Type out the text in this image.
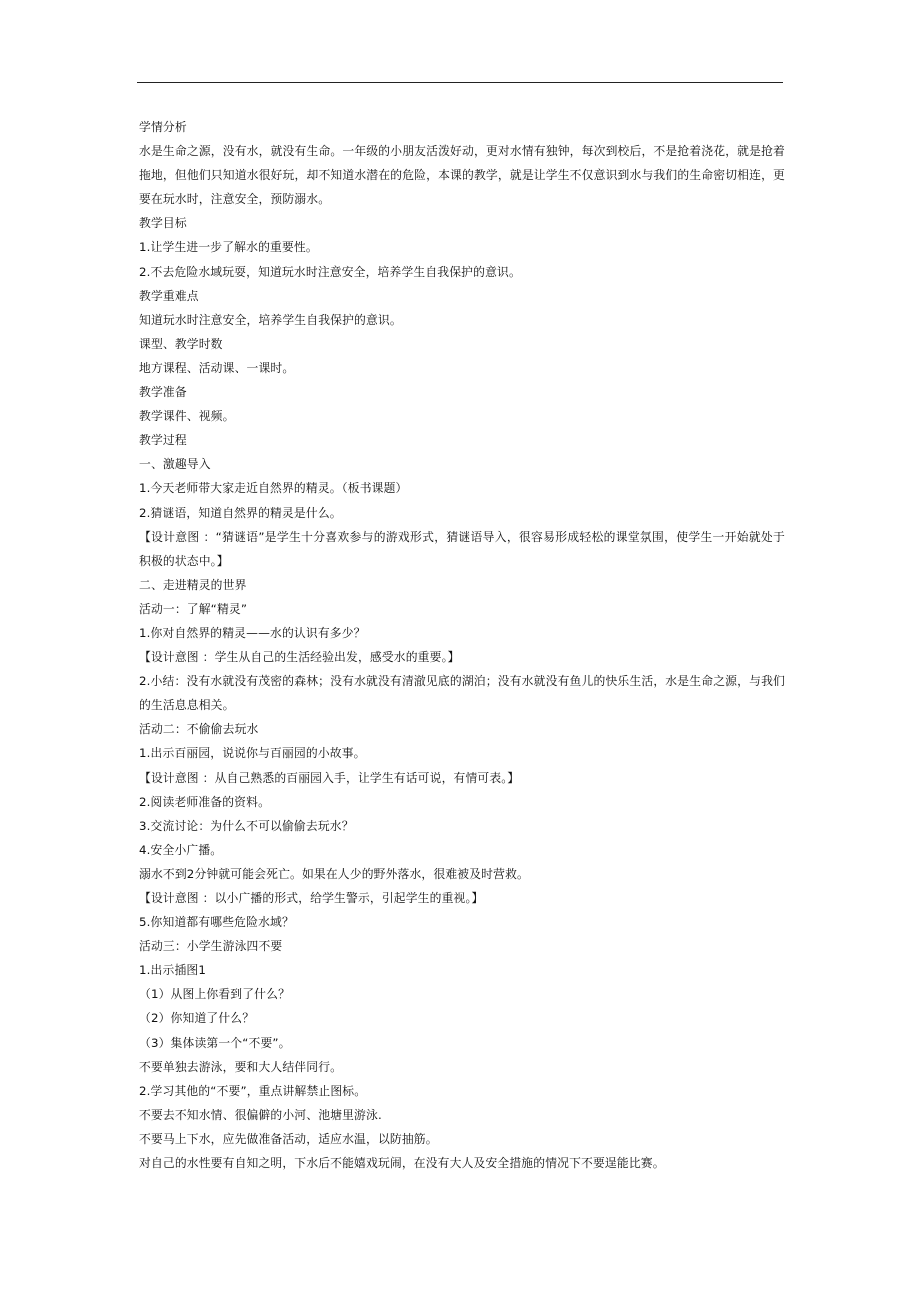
学情分析
水是生命之源，没有水，就没有生命。一年级的小朋友活泼好动，更对水情有独钟，每次到校后，不是抢着浇花，就是抢着拖地，但他们只知道水很好玩，却不知道水潜在的危险，本课的教学，就是让学生不仅意识到水与我们的生命密切相连，更要在玩水时，注意安全，预防溺水。
教学目标
1.让学生进一步了解水的重要性。
2.不去危险水域玩耍，知道玩水时注意安全，培养学生自我保护的意识。
教学重难点
知道玩水时注意安全，培养学生自我保护的意识。
课型、教学时数
地方课程、活动课、一课时。
教学准备
教学课件、视频。
教学过程
一、激趣导入
1.今天老师带大家走近自然界的精灵。（板书课题）
2.猜谜语，知道自然界的精灵是什么。
【设计意图 ：“猜谜语”是学生十分喜欢参与的游戏形式，猜谜语导入，很容易形成轻松的课堂氛围，使学生一开始就处于积极的状态中。】
二、走进精灵的世界
活动一：了解“精灵”
1.你对自然界的精灵——水的认识有多少？
【设计意图 ：学生从自己的生活经验出发，感受水的重要。】
2.小结：没有水就没有茂密的森林；没有水就没有清澈见底的湖泊；没有水就没有鱼儿的快乐生活，水是生命之源，与我们的生活息息相关。
活动二：不偷偷去玩水
1.出示百丽园，说说你与百丽园的小故事。
【设计意图 ：从自己熟悉的百丽园入手，让学生有话可说，有情可表。】
2.阅读老师准备的资料。
3.交流讨论：为什么不可以偷偷去玩水？
4.安全小广播。
溺水不到2分钟就可能会死亡。如果在人少的野外落水，很难被及时营救。
【设计意图 ：以小广播的形式，给学生警示，引起学生的重视。】
5.你知道都有哪些危险水域？
活动三：小学生游泳四不要
1.出示插图1
（1）从图上你看到了什么？
（2）你知道了什么？
（3）集体读第一个“不要”。
不要单独去游泳，要和大人结伴同行。
2.学习其他的“不要”，重点讲解禁止图标。
不要去不知水情、很偏僻的小河、池塘里游泳.
不要马上下水，应先做准备活动，适应水温，以防抽筋。
对自己的水性要有自知之明，下水后不能嬉戏玩闹，在没有大人及安全措施的情况下不要逞能比赛。
